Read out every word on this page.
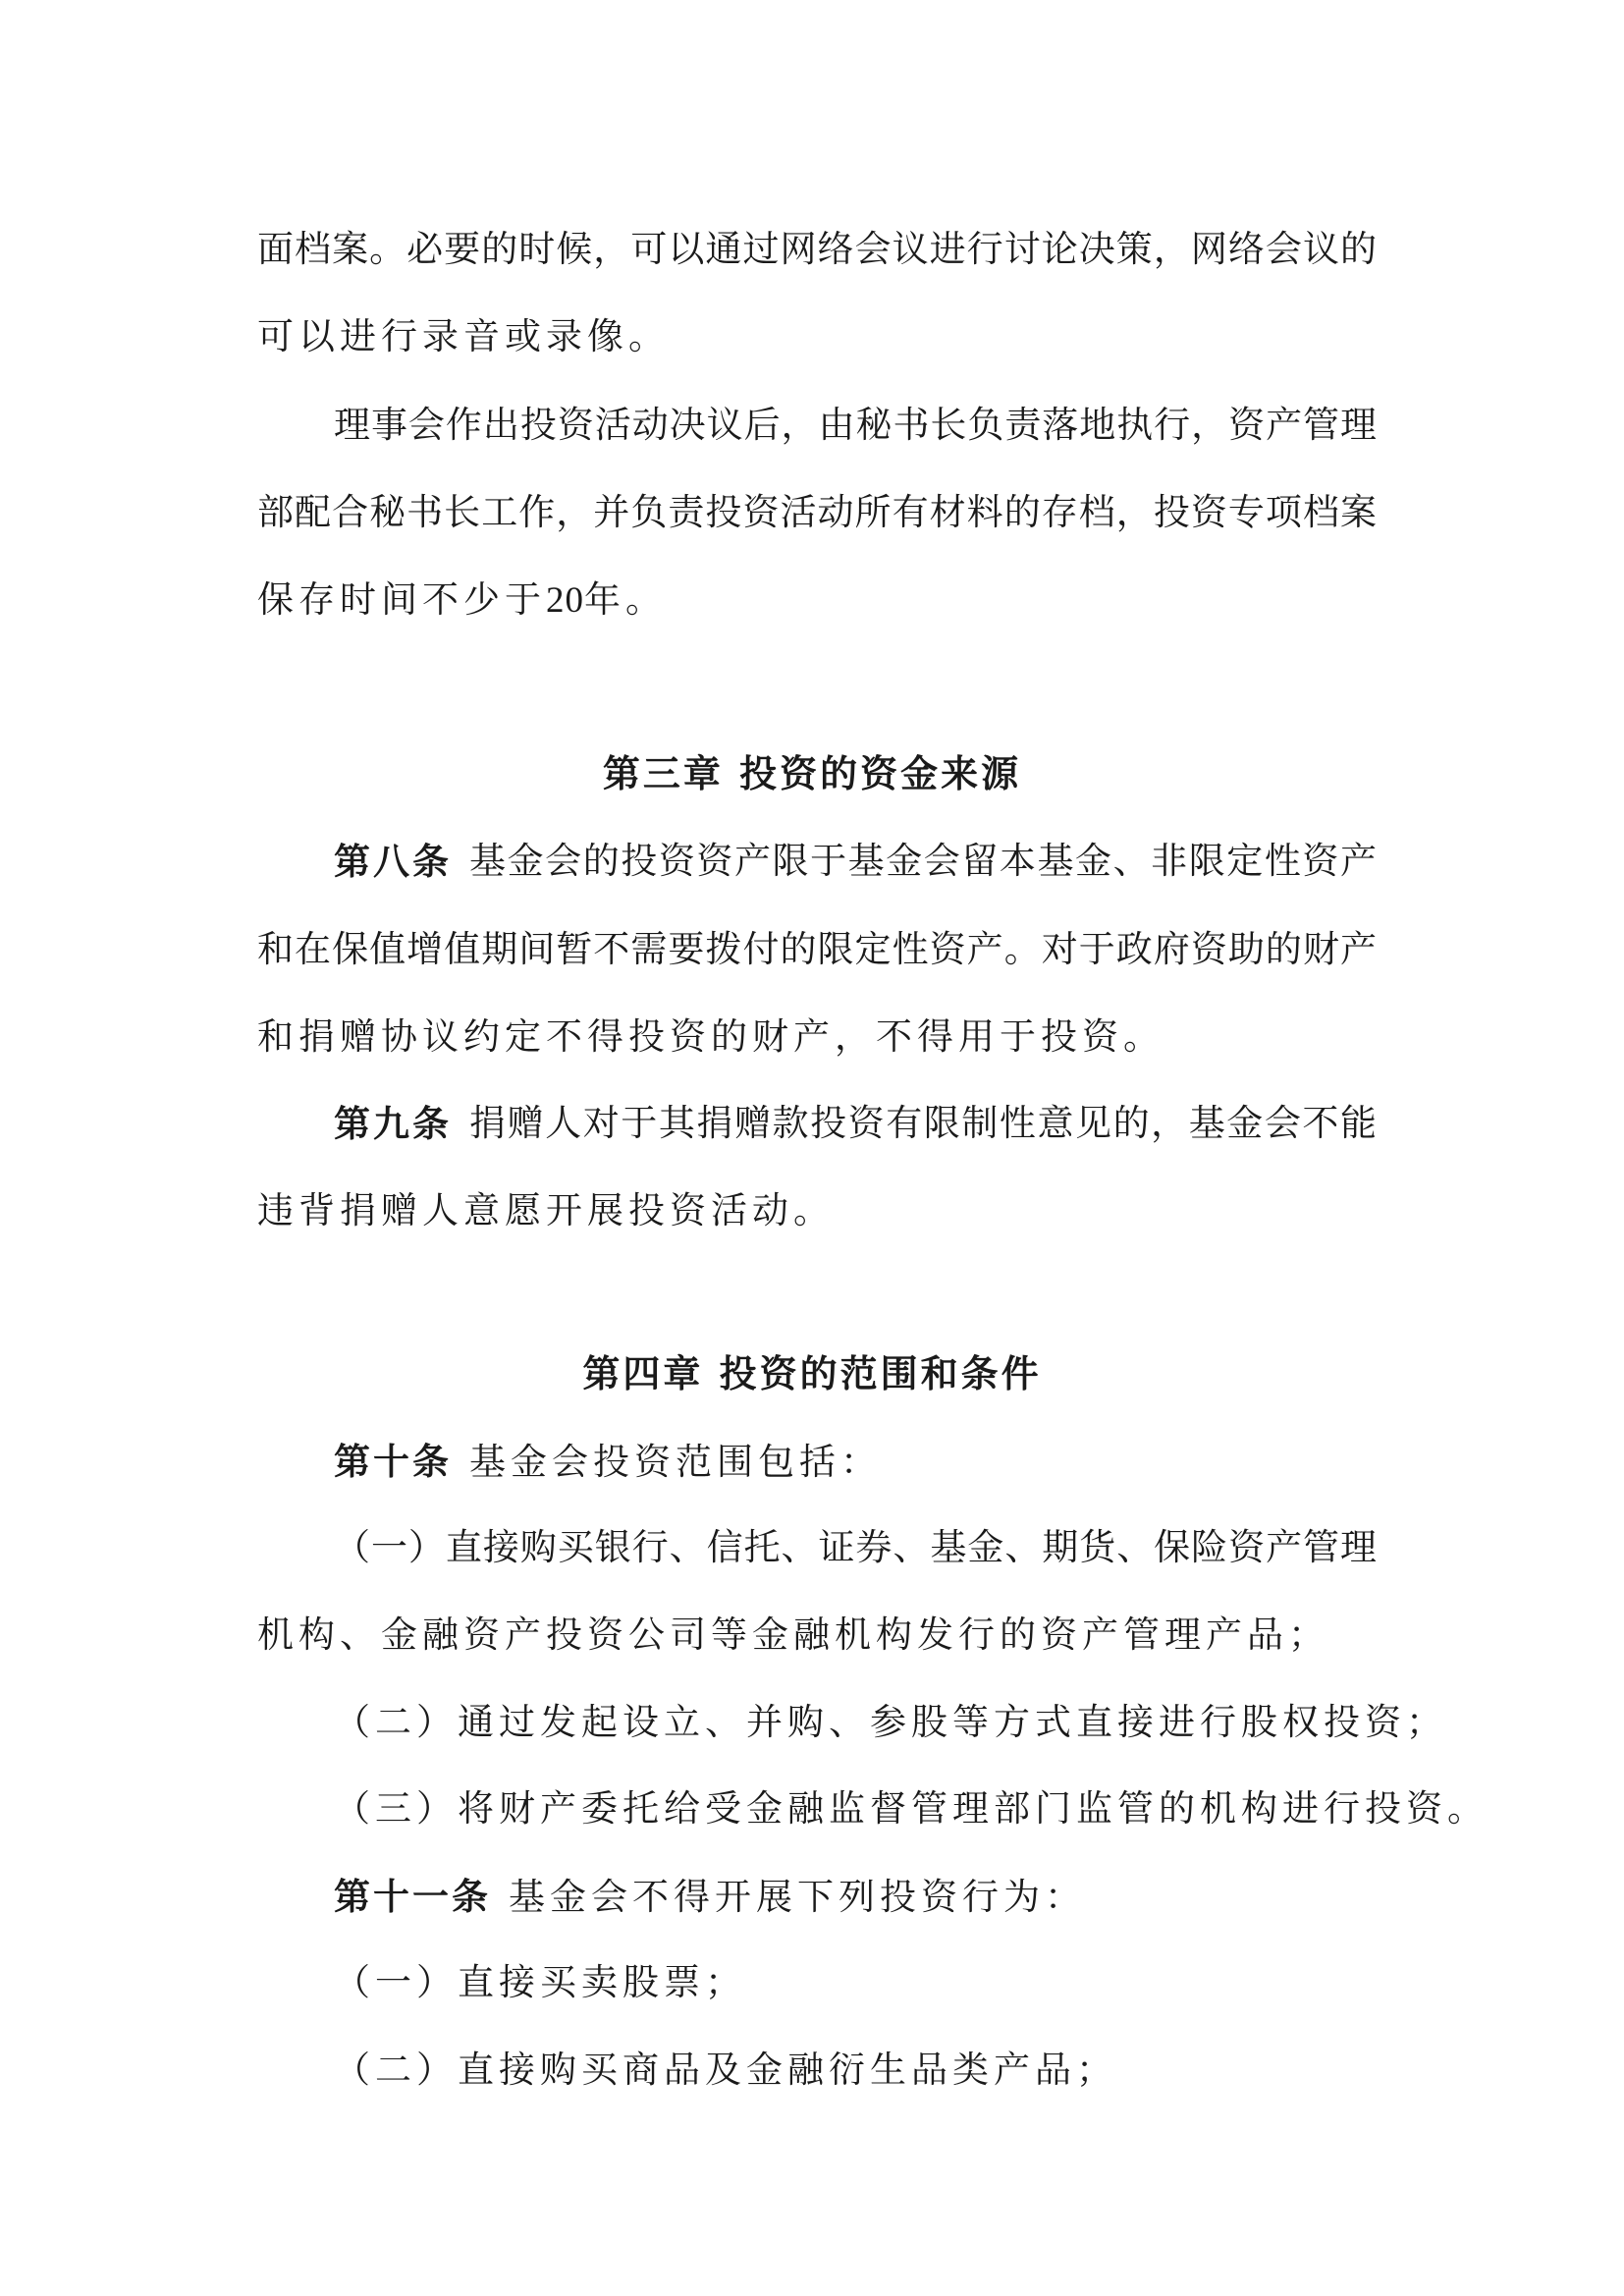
面档案。必要的时候，可以通过网络会议进行讨论决策，网络会议的
可以进行录音或录像。
理事会作出投资活动决议后，由秘书长负责落地执行，资产管理
部配合秘书长工作，并负责投资活动所有材料的存档，投资专项档案
保存时间不少于20年。
第三章 投资的资金来源
第八条 基金会的投资资产限于基金会留本基金、非限定性资产
和在保值增值期间暂不需要拨付的限定性资产。对于政府资助的财产
和捐赠协议约定不得投资的财产，不得用于投资。
第九条 捐赠人对于其捐赠款投资有限制性意见的，基金会不能
违背捐赠人意愿开展投资活动。
第四章 投资的范围和条件
第十条 基金会投资范围包括：
（一）直接购买银行、信托、证券、基金、期货、保险资产管理
机构、金融资产投资公司等金融机构发行的资产管理产品；
（二）通过发起设立、并购、参股等方式直接进行股权投资；
（三）将财产委托给受金融监督管理部门监管的机构进行投资。
第十一条 基金会不得开展下列投资行为：
（一）直接买卖股票；
（二）直接购买商品及金融衍生品类产品；
